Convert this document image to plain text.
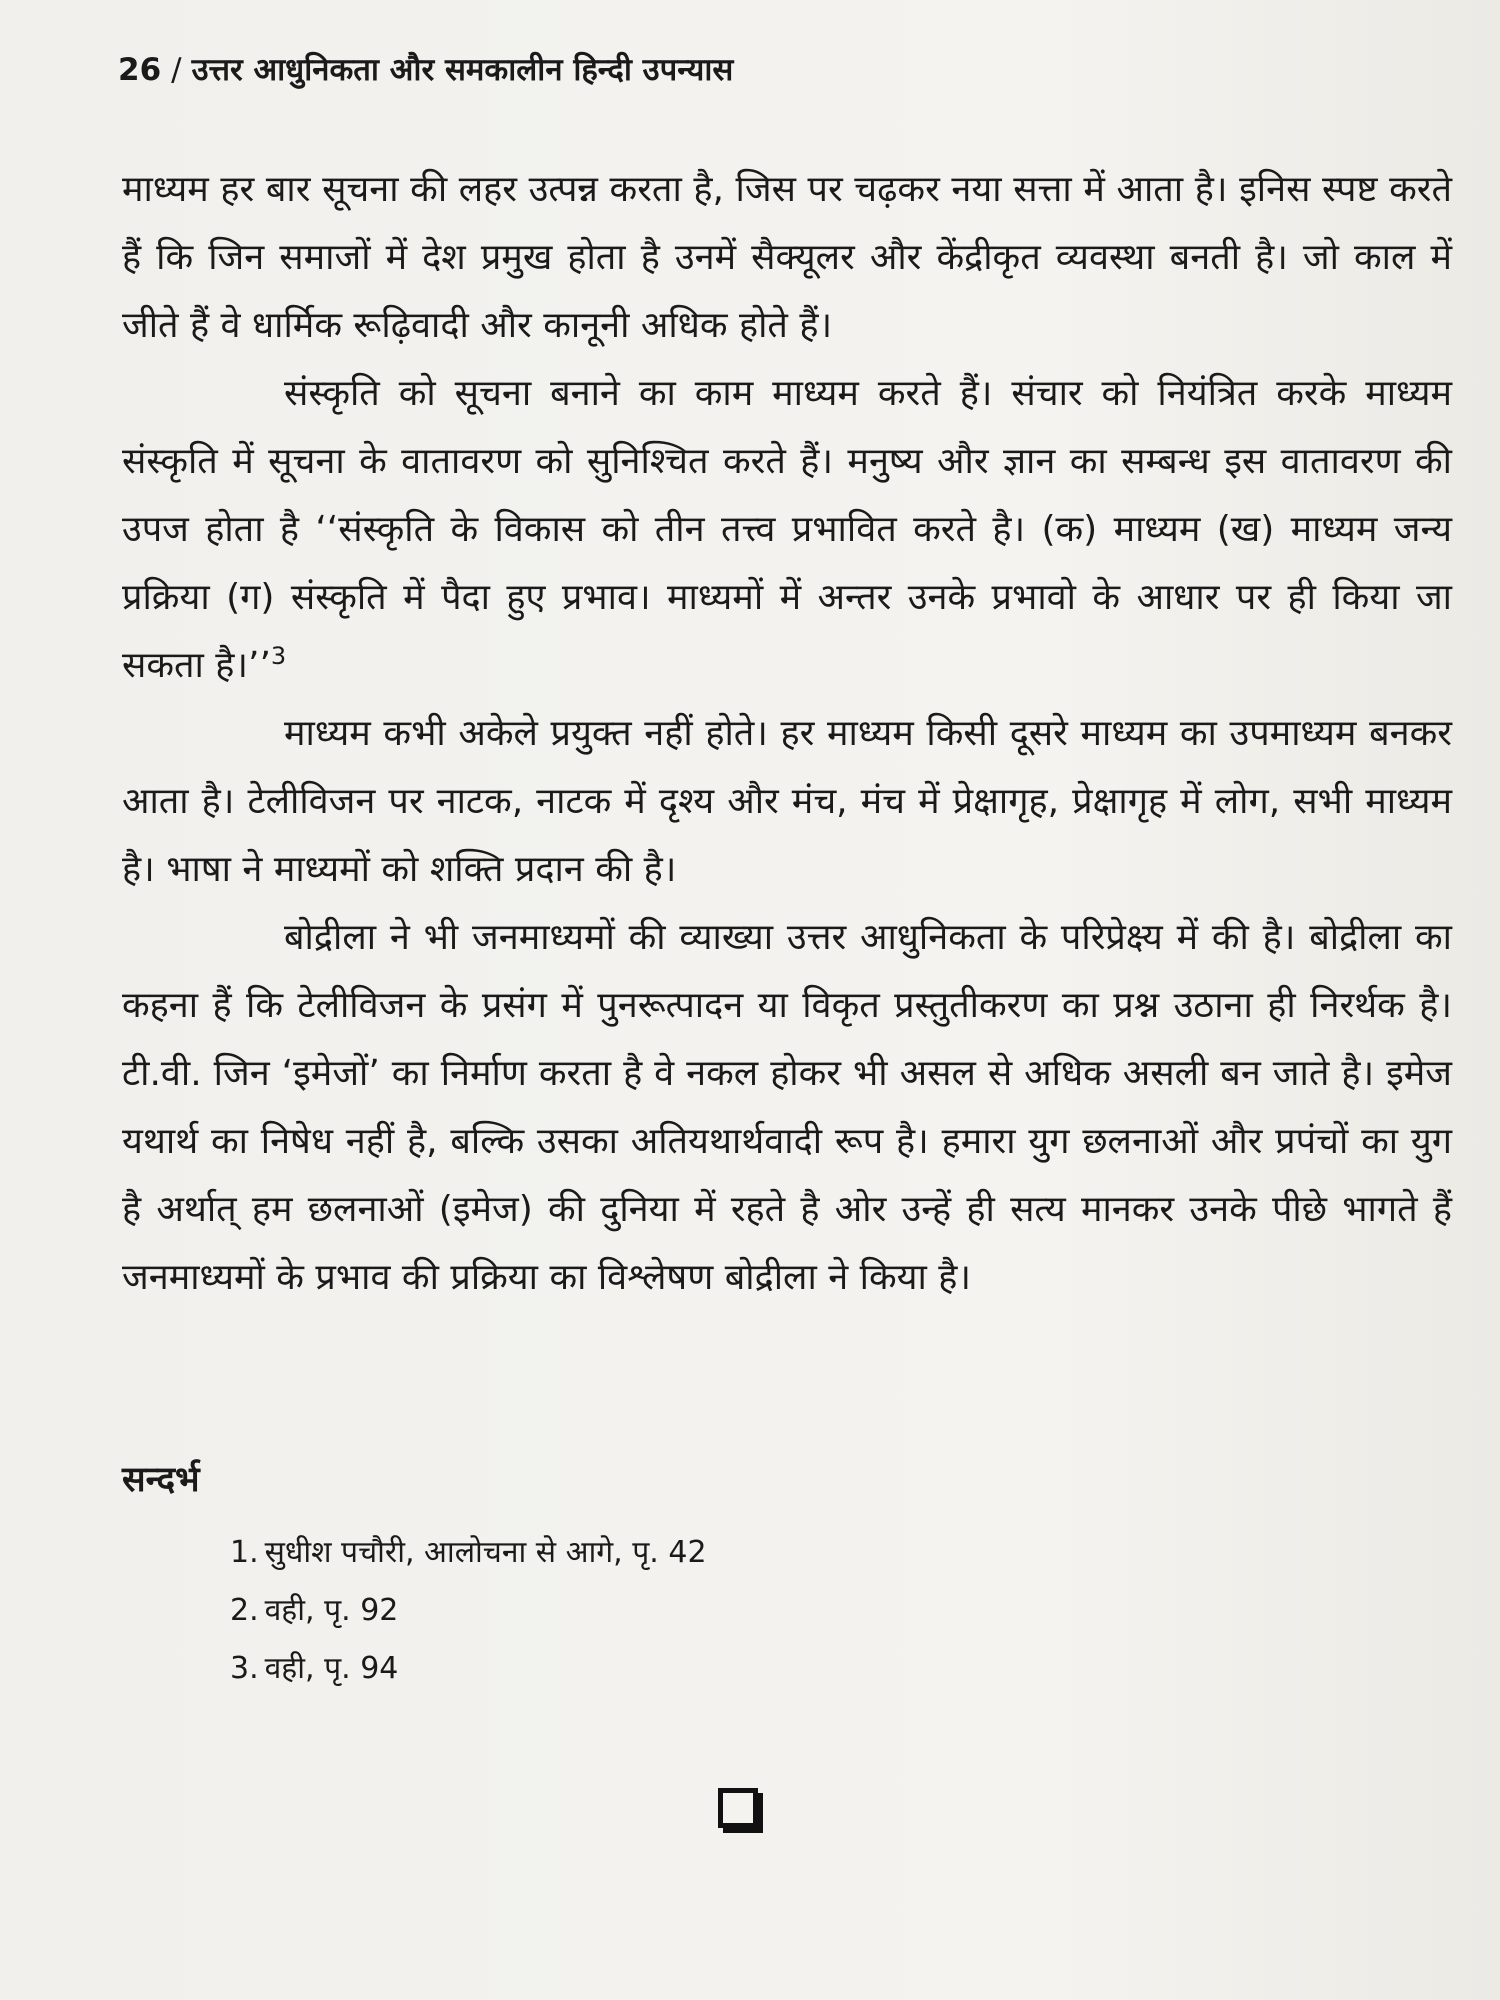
26 / उत्तर आधुनिकता और समकालीन हिन्दी उपन्यास

माध्यम हर बार सूचना की लहर उत्पन्न करता है, जिस पर चढ़कर नया सत्ता में आता है। इनिस स्पष्ट करते हैं कि जिन समाजों में देश प्रमुख होता है उनमें सैक्यूलर और केंद्रीकृत व्यवस्था बनती है। जो काल में जीते हैं वे धार्मिक रूढ़िवादी और कानूनी अधिक होते हैं।

संस्कृति को सूचना बनाने का काम माध्यम करते हैं। संचार को नियंत्रित करके माध्यम संस्कृति में सूचना के वातावरण को सुनिश्चित करते हैं। मनुष्य और ज्ञान का सम्बन्ध इस वातावरण की उपज होता है ‘‘संस्कृति के विकास को तीन तत्त्व प्रभावित करते है। (क) माध्यम (ख) माध्यम जन्य प्रक्रिया (ग) संस्कृति में पैदा हुए प्रभाव। माध्यमों में अन्तर उनके प्रभावो के आधार पर ही किया जा सकता है।’’$^3$

माध्यम कभी अकेले प्रयुक्त नहीं होते। हर माध्यम किसी दूसरे माध्यम का उपमाध्यम बनकर आता है। टेलीविजन पर नाटक, नाटक में दृश्य और मंच, मंच में प्रेक्षागृह, प्रेक्षागृह में लोग, सभी माध्यम है। भाषा ने माध्यमों को शक्ति प्रदान की है।

बोद्रीला ने भी जनमाध्यमों की व्याख्या उत्तर आधुनिकता के परिप्रेक्ष्य में की है। बोद्रीला का कहना हैं कि टेलीविजन के प्रसंग में पुनरूत्पादन या विकृत प्रस्तुतीकरण का प्रश्न उठाना ही निरर्थक है। टी.वी. जिन ‘इमेजों’ का निर्माण करता है वे नकल होकर भी असल से अधिक असली बन जाते है। इमेज यथार्थ का निषेध नहीं है, बल्कि उसका अतियथार्थवादी रूप है। हमारा युग छलनाओं और प्रपंचों का युग है अर्थात् हम छलनाओं (इमेज) की दुनिया में रहते है ओर उन्हें ही सत्य मानकर उनके पीछे भागते हैं जनमाध्यमों के प्रभाव की प्रक्रिया का विश्लेषण बोद्रीला ने किया है।

सन्दर्भ
1. सुधीश पचौरी, आलोचना से आगे, पृ. 42
2. वही, पृ. 92
3. वही, पृ. 94
